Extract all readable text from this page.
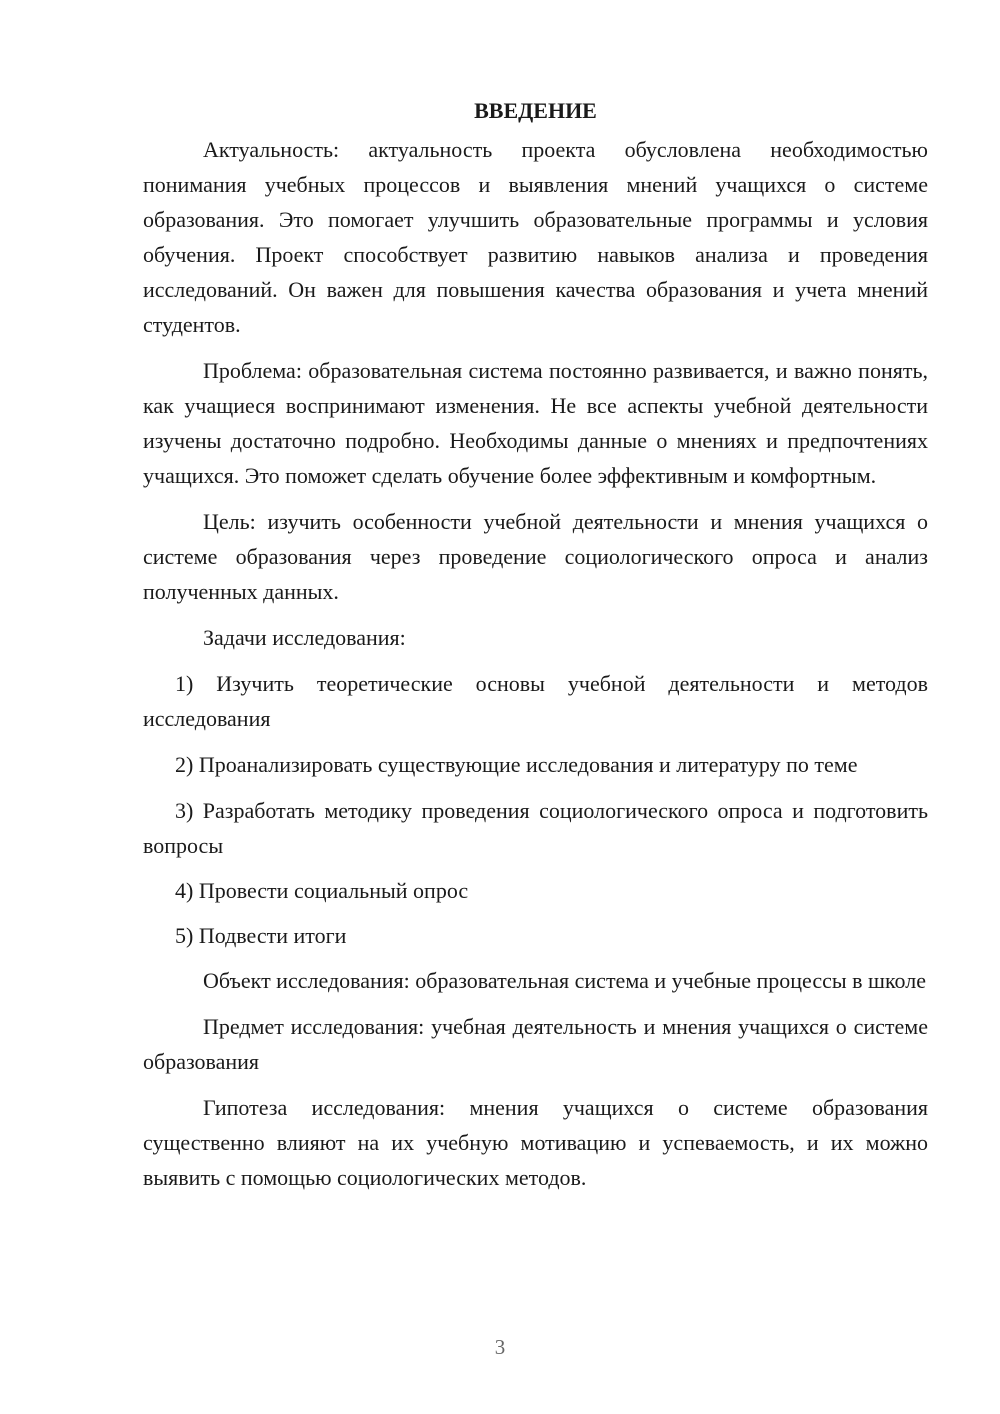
ВВЕДЕНИЕ

Актуальность: актуальность проекта обусловлена необходимостью понимания учебных процессов и выявления мнений учащихся о системе образования. Это помогает улучшить образовательные программы и условия обучения. Проект способствует развитию навыков анализа и проведения исследований. Он важен для повышения качества образования и учета мнений студентов.

Проблема: образовательная система постоянно развивается, и важно понять, как учащиеся воспринимают изменения. Не все аспекты учебной деятельности изучены достаточно подробно. Необходимы данные о мнениях и предпочтениях учащихся. Это поможет сделать обучение более эффективным и комфортным.

Цель: изучить особенности учебной деятельности и мнения учащихся о системе образования через проведение социологического опроса и анализ полученных данных.

Задачи исследования:

1) Изучить теоретические основы учебной деятельности и методов исследования

2) Проанализировать существующие исследования и литературу по теме

3) Разработать методику проведения социологического опроса и подготовить вопросы

4) Провести социальный опрос

5) Подвести итоги

Объект исследования: образовательная система и учебные процессы в школе

Предмет исследования: учебная деятельность и мнения учащихся о системе образования

Гипотеза исследования: мнения учащихся о системе образования существенно влияют на их учебную мотивацию и успеваемость, и их можно выявить с помощью социологических методов.

3
